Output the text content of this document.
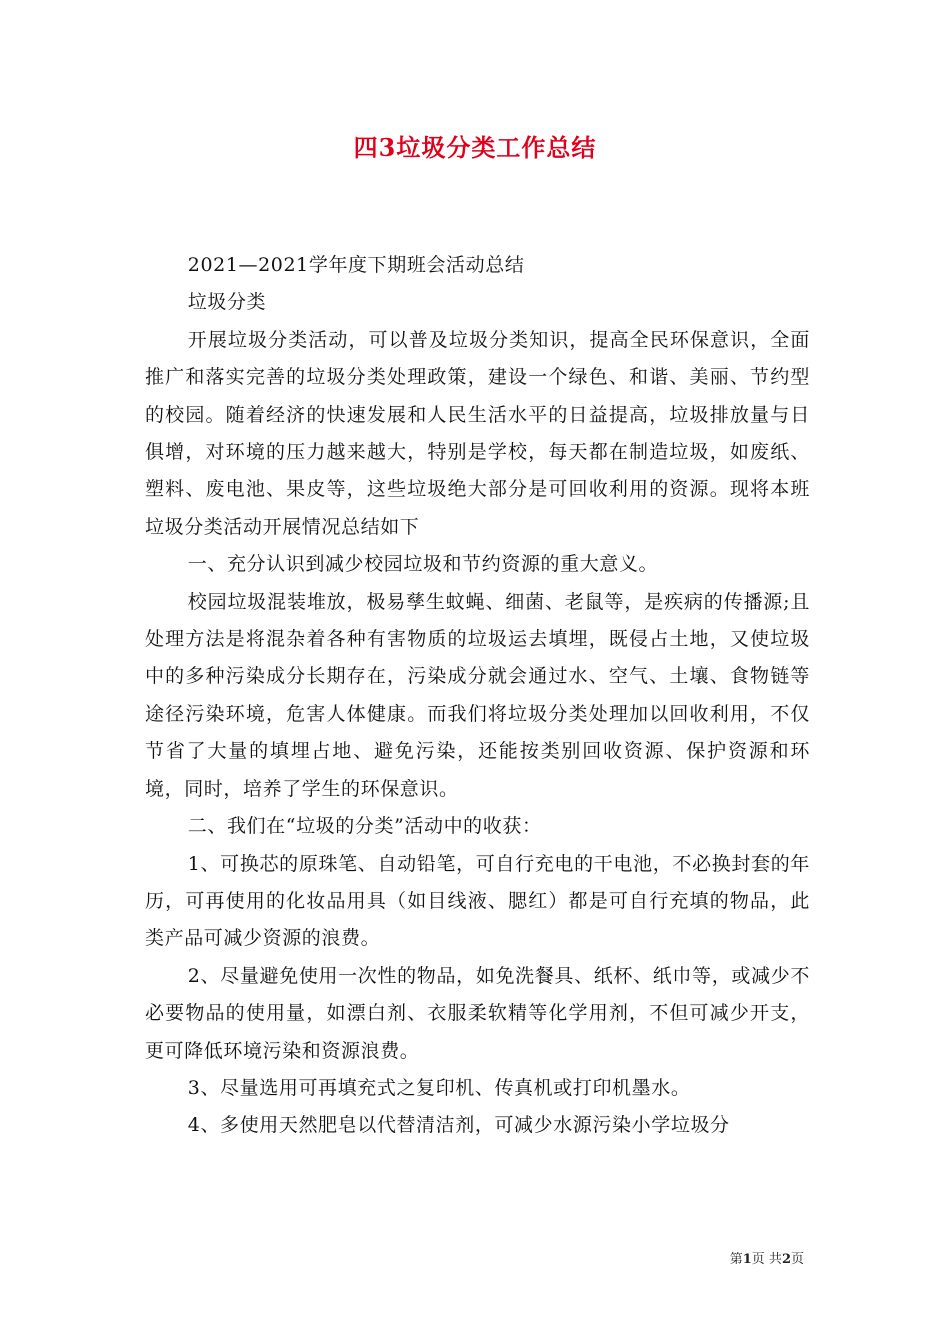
四3垃圾分类工作总结

2021—2021学年度下期班会活动总结

垃圾分类

开展垃圾分类活动，可以普及垃圾分类知识，提高全民环保意识，全面推广和落实完善的垃圾分类处理政策，建设一个绿色、和谐、美丽、节约型的校园。随着经济的快速发展和人民生活水平的日益提高，垃圾排放量与日俱增，对环境的压力越来越大，特别是学校，每天都在制造垃圾，如废纸、塑料、废电池、果皮等，这些垃圾绝大部分是可回收利用的资源。现将本班垃圾分类活动开展情况总结如下

一、充分认识到减少校园垃圾和节约资源的重大意义。

校园垃圾混装堆放，极易孳生蚊蝇、细菌、老鼠等，是疾病的传播源;且处理方法是将混杂着各种有害物质的垃圾运去填埋，既侵占土地，又使垃圾中的多种污染成分长期存在，污染成分就会通过水、空气、土壤、食物链等途径污染环境，危害人体健康。而我们将垃圾分类处理加以回收利用，不仅节省了大量的填埋占地、避免污染，还能按类别回收资源、保护资源和环境，同时，培养了学生的环保意识。

二、我们在“垃圾的分类”活动中的收获：

1、可换芯的原珠笔、自动铅笔，可自行充电的干电池，不必换封套的年历，可再使用的化妆品用具（如目线液、腮红）都是可自行充填的物品，此类产品可减少资源的浪费。

2、尽量避免使用一次性的物品，如免洗餐具、纸杯、纸巾等，或减少不必要物品的使用量，如漂白剂、衣服柔软精等化学用剂，不但可减少开支，更可降低环境污染和资源浪费。

3、尽量选用可再填充式之复印机、传真机或打印机墨水。

4、多使用天然肥皂以代替清洁剂，可减少水源污染小学垃圾分

第1页 共2页
